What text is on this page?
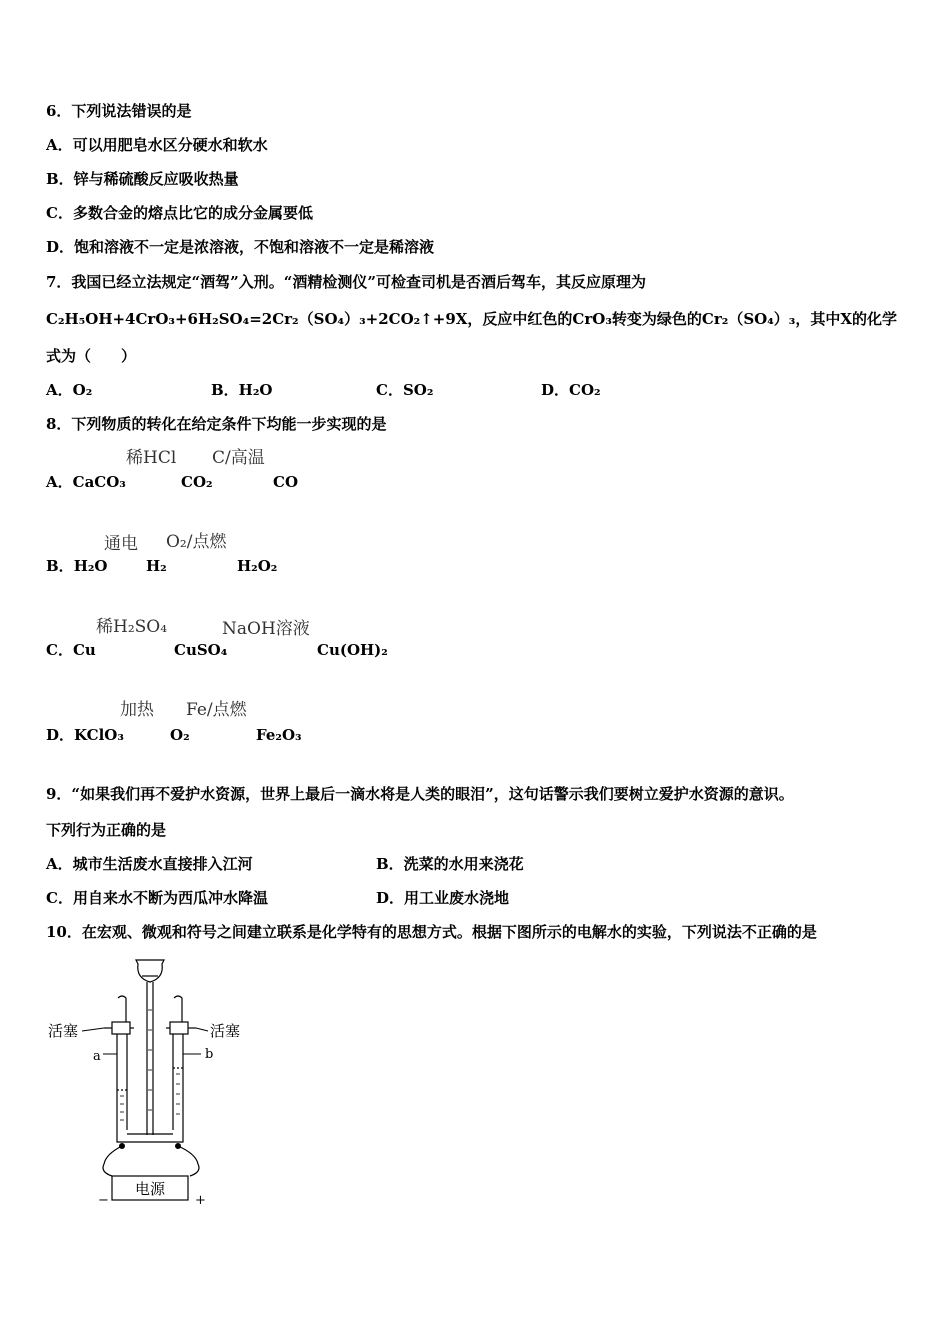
6．下列说法错误的是
A．可以用肥皂水区分硬水和软水
B．锌与稀硫酸反应吸收热量
C．多数合金的熔点比它的成分金属要低
D．饱和溶液不一定是浓溶液，不饱和溶液不一定是稀溶液
7．我国已经立法规定“酒驾”入刑。“酒精检测仪”可检查司机是否酒后驾车，其反应原理为
C₂H₅OH+4CrO₃+6H₂SO₄=2Cr₂（SO₄）₃+2CO₂↑+9X，反应中红色的CrO₃转变为绿色的Cr₂（SO₄）₃，其中X的化学
式为（　　）
A．O₂	B．H₂O	C．SO₂	D．CO₂
8．下列物质的转化在给定条件下均能一步实现的是
稀HCl C/高温
A．CaCO₃	CO₂	CO
通电 O₂/点燃
B．H₂O	H₂	H₂O₂
稀H₂SO₄	NaOH溶液
C．Cu	CuSO₄	Cu(OH)₂
加热 Fe/点燃
D．KClO₃	O₂	Fe₂O₃
9．“如果我们再不爱护水资源，世界上最后一滴水将是人类的眼泪”，这句话警示我们要树立爱护水资源的意识。
下列行为正确的是
A．城市生活废水直接排入江河	B．洗菜的水用来浇花
C．用自来水不断为西瓜冲水降温	D．用工业废水浇地
10．在宏观、微观和符号之间建立联系是化学特有的思想方式。根据下图所示的电解水的实验，下列说法不正确的是
活塞	活塞
a	b
电源
−	+
